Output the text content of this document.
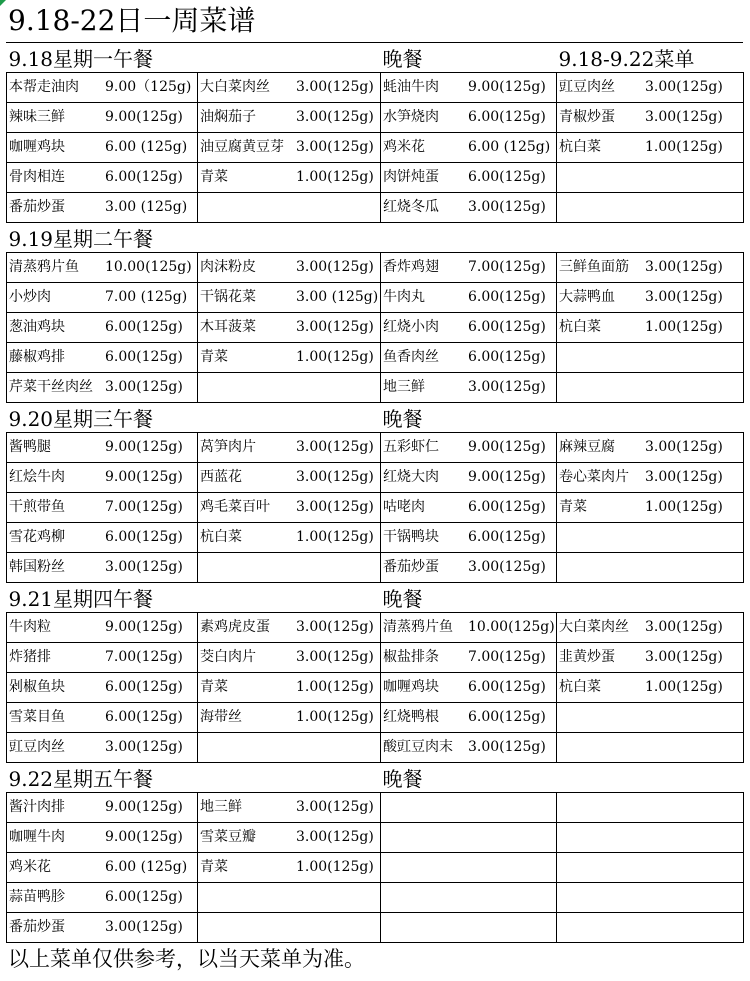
9.18-22日一周菜谱
9.18星期一午餐		晚餐	9.18-9.22菜单

本帮走油肉 9.00（125g)	大白菜肉丝 3.00(125g)	蚝油牛肉 9.00(125g)	豇豆肉丝 3.00(125g)

辣味三鲜 9.00(125g)	油焖茄子 3.00(125g)	水笋烧肉 6.00(125g)	青椒炒蛋 3.00(125g)

咖喱鸡块 6.00 (125g)	油豆腐黄豆芽 3.00(125g)	鸡米花 6.00 (125g)	杭白菜 1.00(125g)

骨肉相连 6.00(125g)	青菜 1.00(125g)	肉饼炖蛋 6.00(125g)	

番茄炒蛋 3.00 (125g)		红烧冬瓜 3.00(125g)	

9.19星期二午餐			

清蒸鸦片鱼 10.00(125g)	肉沫粉皮 3.00(125g)	香炸鸡翅 7.00(125g)	三鲜鱼面筋 3.00(125g)

小炒肉 7.00 (125g)	干锅花菜 3.00 (125g)	牛肉丸 6.00(125g)	大蒜鸭血 3.00(125g)

葱油鸡块 6.00(125g)	木耳菠菜 3.00(125g)	红烧小肉 6.00(125g)	杭白菜 1.00(125g)

藤椒鸡排 6.00(125g)	青菜 1.00(125g)	鱼香肉丝 6.00(125g)	

芹菜干丝肉丝 3.00(125g)		地三鲜 3.00(125g)	

9.20星期三午餐		晚餐	

酱鸭腿 9.00(125g)	莴笋肉片 3.00(125g)	五彩虾仁 9.00(125g)	麻辣豆腐 3.00(125g)

红烩牛肉 9.00(125g)	西蓝花 3.00(125g)	红烧大肉 9.00(125g)	卷心菜肉片 3.00(125g)

干煎带鱼 7.00(125g)	鸡毛菜百叶 3.00(125g)	咕咾肉 6.00(125g)	青菜 1.00(125g)

雪花鸡柳 6.00(125g)	杭白菜 1.00(125g)	干锅鸭块 6.00(125g)	

韩国粉丝 3.00(125g)		番茄炒蛋 3.00(125g)	

9.21星期四午餐		晚餐	

牛肉粒 9.00(125g)	素鸡虎皮蛋 3.00(125g)	清蒸鸦片鱼 10.00(125g)	大白菜肉丝 3.00(125g)

炸猪排 7.00(125g)	茭白肉片 3.00(125g)	椒盐排条 7.00(125g)	韭黄炒蛋 3.00(125g)

剁椒鱼块 6.00(125g)	青菜 1.00(125g)	咖喱鸡块 6.00(125g)	杭白菜 1.00(125g)

雪菜目鱼 6.00(125g)	海带丝 1.00(125g)	红烧鸭根 6.00(125g)	

豇豆肉丝 3.00(125g)		酸豇豆肉末 3.00(125g)	

9.22星期五午餐		晚餐	

酱汁肉排 9.00(125g)	地三鲜 3.00(125g)		

咖喱牛肉 9.00(125g)	雪菜豆瓣 3.00(125g)		

鸡米花 6.00 (125g)	青菜 1.00(125g)		

蒜苗鸭胗 6.00(125g)			

番茄炒蛋 3.00(125g)			

以上菜单仅供参考，以当天菜单为准。
